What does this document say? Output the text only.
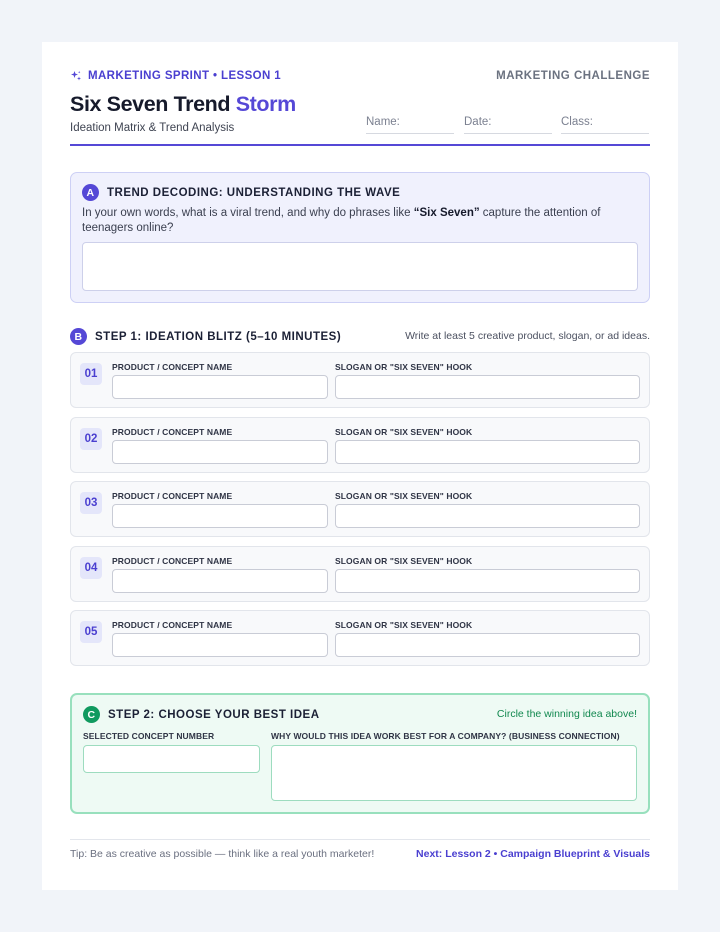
MARKETING SPRINT • LESSON 1	MARKETING CHALLENGE
Six Seven Trend Storm
Ideation Matrix & Trend Analysis	Name:	Date:	Class:
A	TREND DECODING: UNDERSTANDING THE WAVE
In your own words, what is a viral trend, and why do phrases like “Six Seven” capture the attention of teenagers online?
B	STEP 1: IDEATION BLITZ (5–10 MINUTES)	Write at least 5 creative product, slogan, or ad ideas.
01
PRODUCT / CONCEPT NAME	SLOGAN OR "SIX SEVEN" HOOK
02
PRODUCT / CONCEPT NAME	SLOGAN OR "SIX SEVEN" HOOK
03
PRODUCT / CONCEPT NAME	SLOGAN OR "SIX SEVEN" HOOK
04
PRODUCT / CONCEPT NAME	SLOGAN OR "SIX SEVEN" HOOK
05
PRODUCT / CONCEPT NAME	SLOGAN OR "SIX SEVEN" HOOK
C	STEP 2: CHOOSE YOUR BEST IDEA	Circle the winning idea above!
SELECTED CONCEPT NUMBER	WHY WOULD THIS IDEA WORK BEST FOR A COMPANY? (BUSINESS CONNECTION)
Tip: Be as creative as possible — think like a real youth marketer!	Next: Lesson 2 • Campaign Blueprint & Visuals
